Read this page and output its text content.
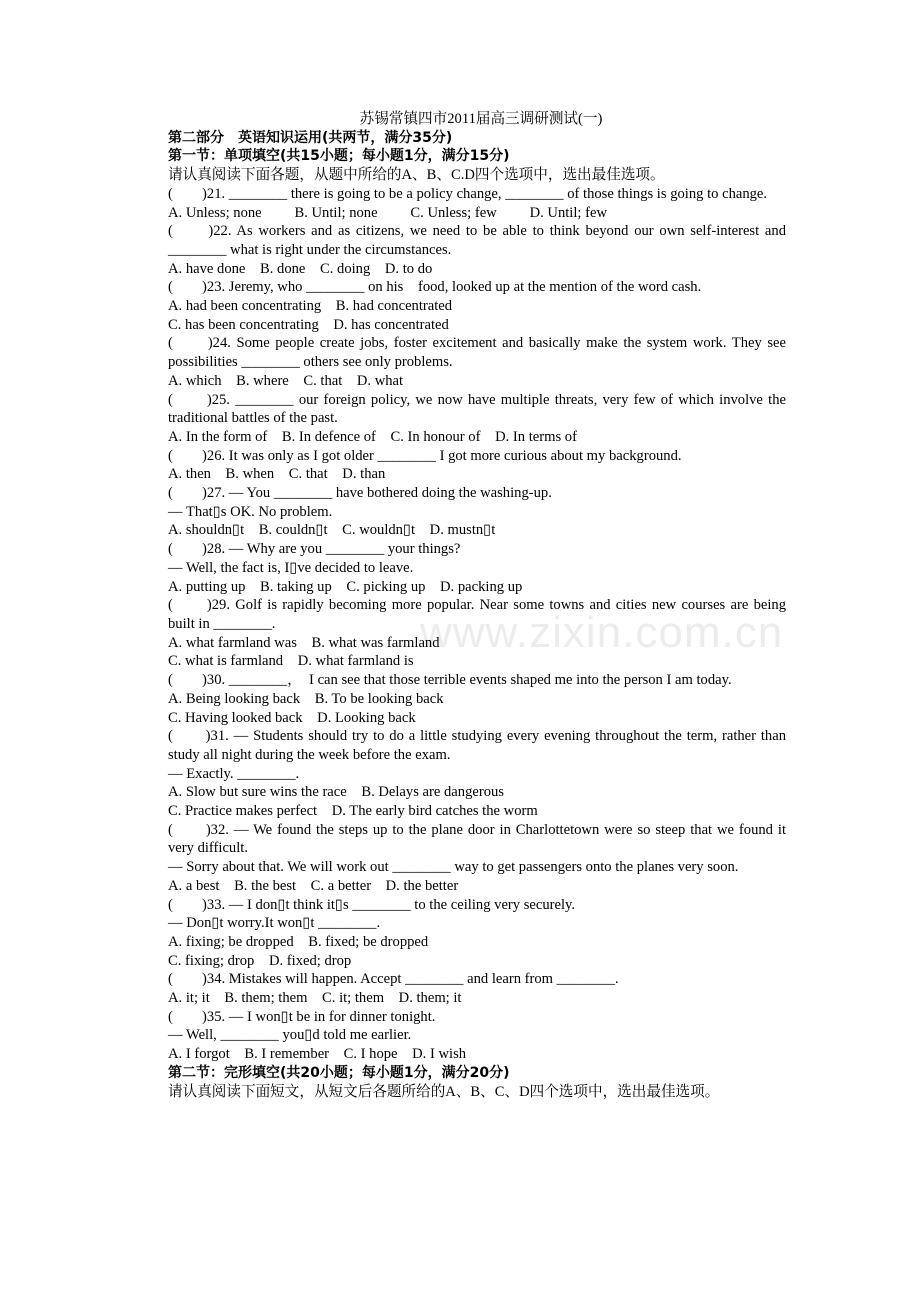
www.zixin.com.cn
苏锡常镇四市2011届高三调研测试(一)
第二部分　英语知识运用(共两节，满分35分)
第一节：单项填空(共15小题；每小题1分，满分15分)
请认真阅读下面各题，从题中所给的A、B、C.D四个选项中，选出最佳选项。
(　　)21. ________ there is going to be a policy change, ________ of those things is going to change.
A. Unless; none　　 B. Until; none　　 C. Unless; few　　 D. Until; few
(　　)22. As workers and as citizens, we need to be able to think beyond our own self-interest and ________ what is right under the circumstances.
A. have done　B. done　C. doing　D. to do
(　　)23. Jeremy, who ________ on his　food, looked up at the mention of the word cash.
A. had been concentrating　B. had concentrated
C. has been concentrating　D. has concentrated
(　　)24. Some people create jobs, foster excitement and basically make the system work. They see possibilities ________ others see only problems.
A. which　B. where　C. that　D. what
(　　)25. ________ our foreign policy, we now have multiple threats, very few of which involve the traditional battles of the past.
A. In the form of　B. In defence of　C. In honour of　D. In terms of
(　　)26. It was only as I got older ________ I got more curious about my background.
A. then　B. when　C. that　D. than
(　　)27. — You ________ have bothered doing the washing-up.
— That▯s OK. No problem.
A. shouldn▯t　B. couldn▯t　C. wouldn▯t　D. mustn▯t
(　　)28. — Why are you ________ your things?
— Well, the fact is, I▯ve decided to leave.
A. putting up　B. taking up　C. picking up　D. packing up
(　　)29. Golf is rapidly becoming more popular. Near some towns and cities new courses are being built in ________.
A. what farmland was　B. what was farmland
C. what is farmland　D. what farmland is
(　　)30. ________，　I can see that those terrible events shaped me into the person I am today.
A. Being looking back　B. To be looking back
C. Having looked back　D. Looking back
(　　)31. — Students should try to do a little studying every evening throughout the term, rather than study all night during the week before the exam.
— Exactly. ________.
A. Slow but sure wins the race　B. Delays are dangerous
C. Practice makes perfect　D. The early bird catches the worm
(　　)32. — We found the steps up to the plane door in Charlottetown were so steep that we found it very difficult.
— Sorry about that. We will work out ________ way to get passengers onto the planes very soon.
A. a best　B. the best　C. a better　D. the better
(　　)33. — I don▯t think it▯s ________ to the ceiling very securely.
— Don▯t worry.It won▯t ________.
A. fixing; be dropped　B. fixed; be dropped
C. fixing; drop　D. fixed; drop
(　　)34. Mistakes will happen. Accept ________ and learn from ________.
A. it; it　B. them; them　C. it; them　D. them; it
(　　)35. — I won▯t be in for dinner tonight.
— Well, ________ you▯d told me earlier.
A. I forgot　B. I remember　C. I hope　D. I wish
第二节：完形填空(共20小题；每小题1分，满分20分)
请认真阅读下面短文，从短文后各题所给的A、B、C、D四个选项中，选出最佳选项。
